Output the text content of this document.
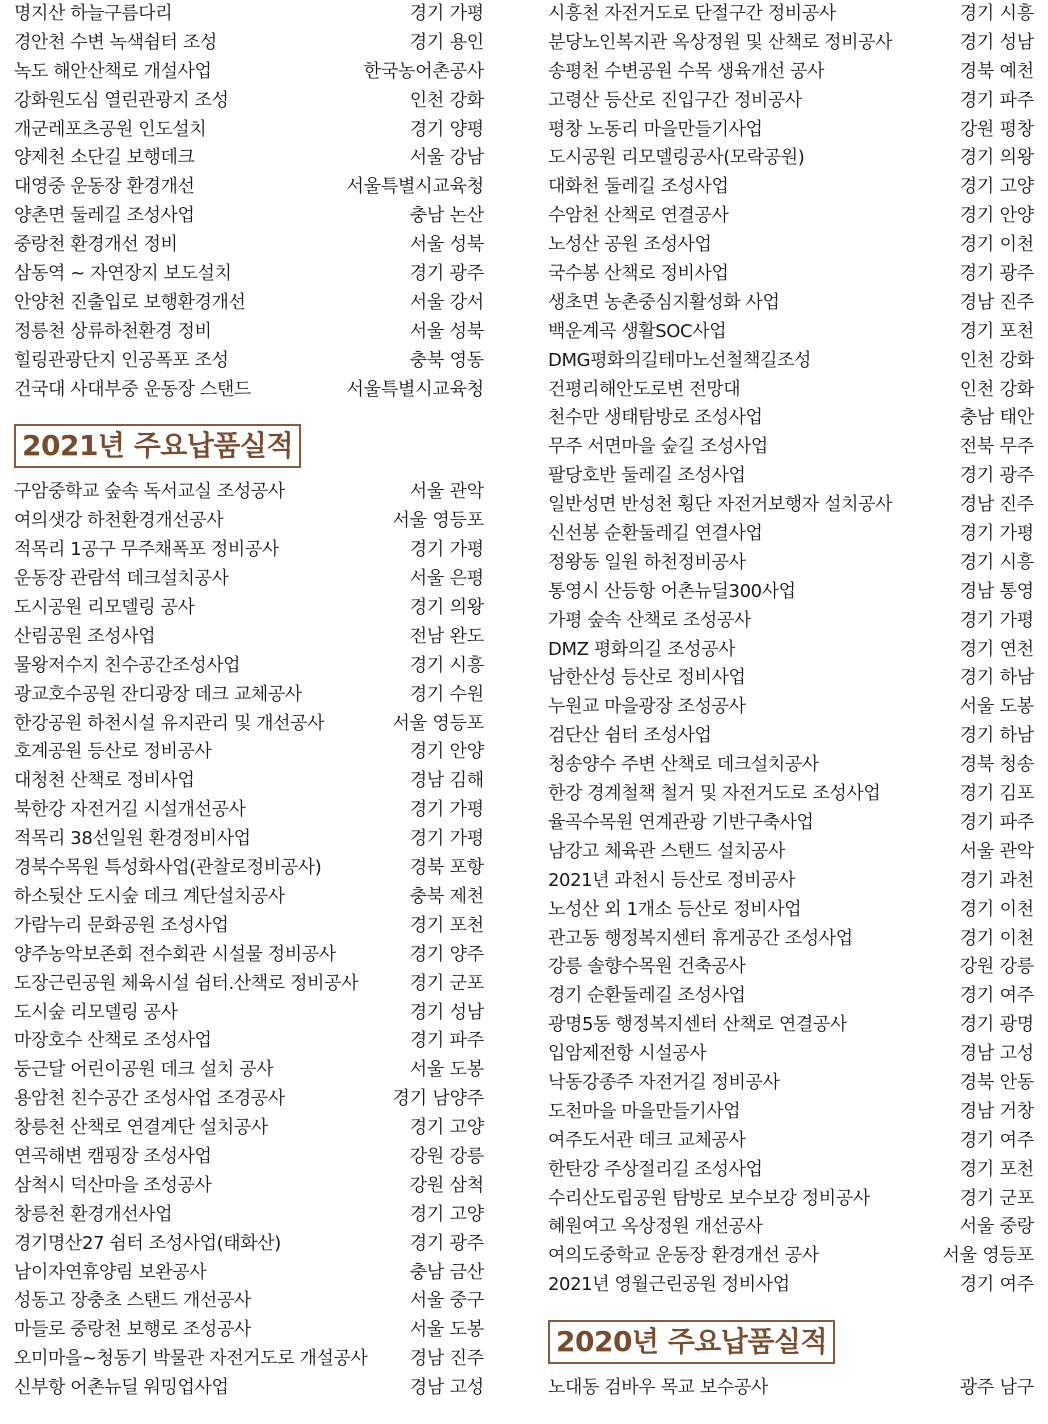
명지산 하늘구름다리	경기 가평
경안천 수변 녹색쉼터 조성	경기 용인
녹도 해안산책로 개설사업	한국농어촌공사
강화원도심 열린관광지 조성	인천 강화
개군레포츠공원 인도설치	경기 양평
양제천 소단길 보행데크	서울 강남
대영중 운동장 환경개선	서울특별시교육청
양촌면 둘레길 조성사업	충남 논산
중랑천 환경개선 정비	서울 성북
삼동역 ~ 자연장지 보도설치	경기 광주
안양천 진출입로 보행환경개선	서울 강서
정릉천 상류하천환경 정비	서울 성북
힐링관광단지 인공폭포 조성	충북 영동
건국대 사대부중 운동장 스탠드	서울특별시교육청
2021년 주요납품실적
구암중학교 숲속 독서교실 조성공사	서울 관악
여의샛강 하천환경개선공사	서울 영등포
적목리 1공구 무주채폭포 정비공사	경기 가평
운동장 관람석 데크설치공사	서울 은평
도시공원 리모델링 공사	경기 의왕
산림공원 조성사업	전남 완도
물왕저수지 친수공간조성사업	경기 시흥
광교호수공원 잔디광장 데크 교체공사	경기 수원
한강공원 하천시설 유지관리 및 개선공사	서울 영등포
호계공원 등산로 정비공사	경기 안양
대청천 산책로 정비사업	경남 김해
북한강 자전거길 시설개선공사	경기 가평
적목리 38선일원 환경정비사업	경기 가평
경북수목원 특성화사업(관찰로정비공사)	경북 포항
하소뒷산 도시숲 데크 계단설치공사	충북 제천
가람누리 문화공원 조성사업	경기 포천
양주농악보존회 전수회관 시설물 정비공사	경기 양주
도장근린공원 체육시설 쉼터.산책로 정비공사	경기 군포
도시숲 리모델링 공사	경기 성남
마장호수 산책로 조성사업	경기 파주
둥근달 어린이공원 데크 설치 공사	서울 도봉
용암천 친수공간 조성사업 조경공사	경기 남양주
창릉천 산책로 연결계단 설치공사	경기 고양
연곡해변 캠핑장 조성사업	강원 강릉
삼척시 덕산마을 조성공사	강원 삼척
창릉천 환경개선사업	경기 고양
경기명산27 쉼터 조성사업(태화산)	경기 광주
남이자연휴양림 보완공사	충남 금산
성동고 장충초 스탠드 개선공사	서울 중구
마들로 중랑천 보행로 조성공사	서울 도봉
오미마을~청동기 박물관 자전거도로 개설공사 경남 진주
신부항 어촌뉴딜 워밍업사업	경남 고성
시흥천 자전거도로 단절구간 정비공사	경기 시흥
분당노인복지관 옥상정원 및 산책로 정비공사	경기 성남
송평천 수변공원 수목 생육개선 공사	경북 예천
고령산 등산로 진입구간 정비공사	경기 파주
평창 노동리 마을만들기사업	강원 평창
도시공원 리모델링공사(모락공원)	경기 의왕
대화천 둘레길 조성사업	경기 고양
수암천 산책로 연결공사	경기 안양
노성산 공원 조성사업	경기 이천
국수봉 산책로 정비사업	경기 광주
생초면 농촌중심지활성화 사업	경남 진주
백운계곡 생활SOC사업	경기 포천
DMG평화의길테마노선철책길조성	인천 강화
건평리해안도로변 전망대	인천 강화
천수만 생태탐방로 조성사업	충남 태안
무주 서면마을 숲길 조성사업	전북 무주
팔당호반 둘레길 조성사업	경기 광주
일반성면 반성천 횡단 자전거보행자 설치공사	경남 진주
신선봉 순환둘레길 연결사업	경기 가평
정왕동 일원 하천정비공사	경기 시흥
통영시 산등항 어촌뉴딜300사업	경남 통영
가평 숲속 산책로 조성공사	경기 가평
DMZ 평화의길 조성공사	경기 연천
남한산성 등산로 정비사업	경기 하남
누원교 마을광장 조성공사	서울 도봉
검단산 쉼터 조성사업	경기 하남
청송양수 주변 산책로 데크설치공사	경북 청송
한강 경계철책 철거 및 자전거도로 조성사업	경기 김포
율곡수목원 연계관광 기반구축사업	경기 파주
남강고 체육관 스탠드 설치공사	서울 관악
2021년 과천시 등산로 정비공사	경기 과천
노성산 외 1개소 등산로 정비사업	경기 이천
관고동 행정복지센터 휴게공간 조성사업	경기 이천
강릉 솔향수목원 건축공사	강원 강릉
경기 순환둘레길 조성사업	경기 여주
광명5동 행정복지센터 산책로 연결공사	경기 광명
입암제전항 시설공사	경남 고성
낙동강종주 자전거길 정비공사	경북 안동
도천마을 마을만들기사업	경남 거창
여주도서관 데크 교체공사	경기 여주
한탄강 주상절리길 조성사업	경기 포천
수리산도립공원 탐방로 보수보강 정비공사	경기 군포
혜원여고 옥상정원 개선공사	서울 중랑
여의도중학교 운동장 환경개선 공사	서울 영등포
2021년 영월근린공원 정비사업	경기 여주
2020년 주요납품실적
노대동 검바우 목교 보수공사	광주 남구
